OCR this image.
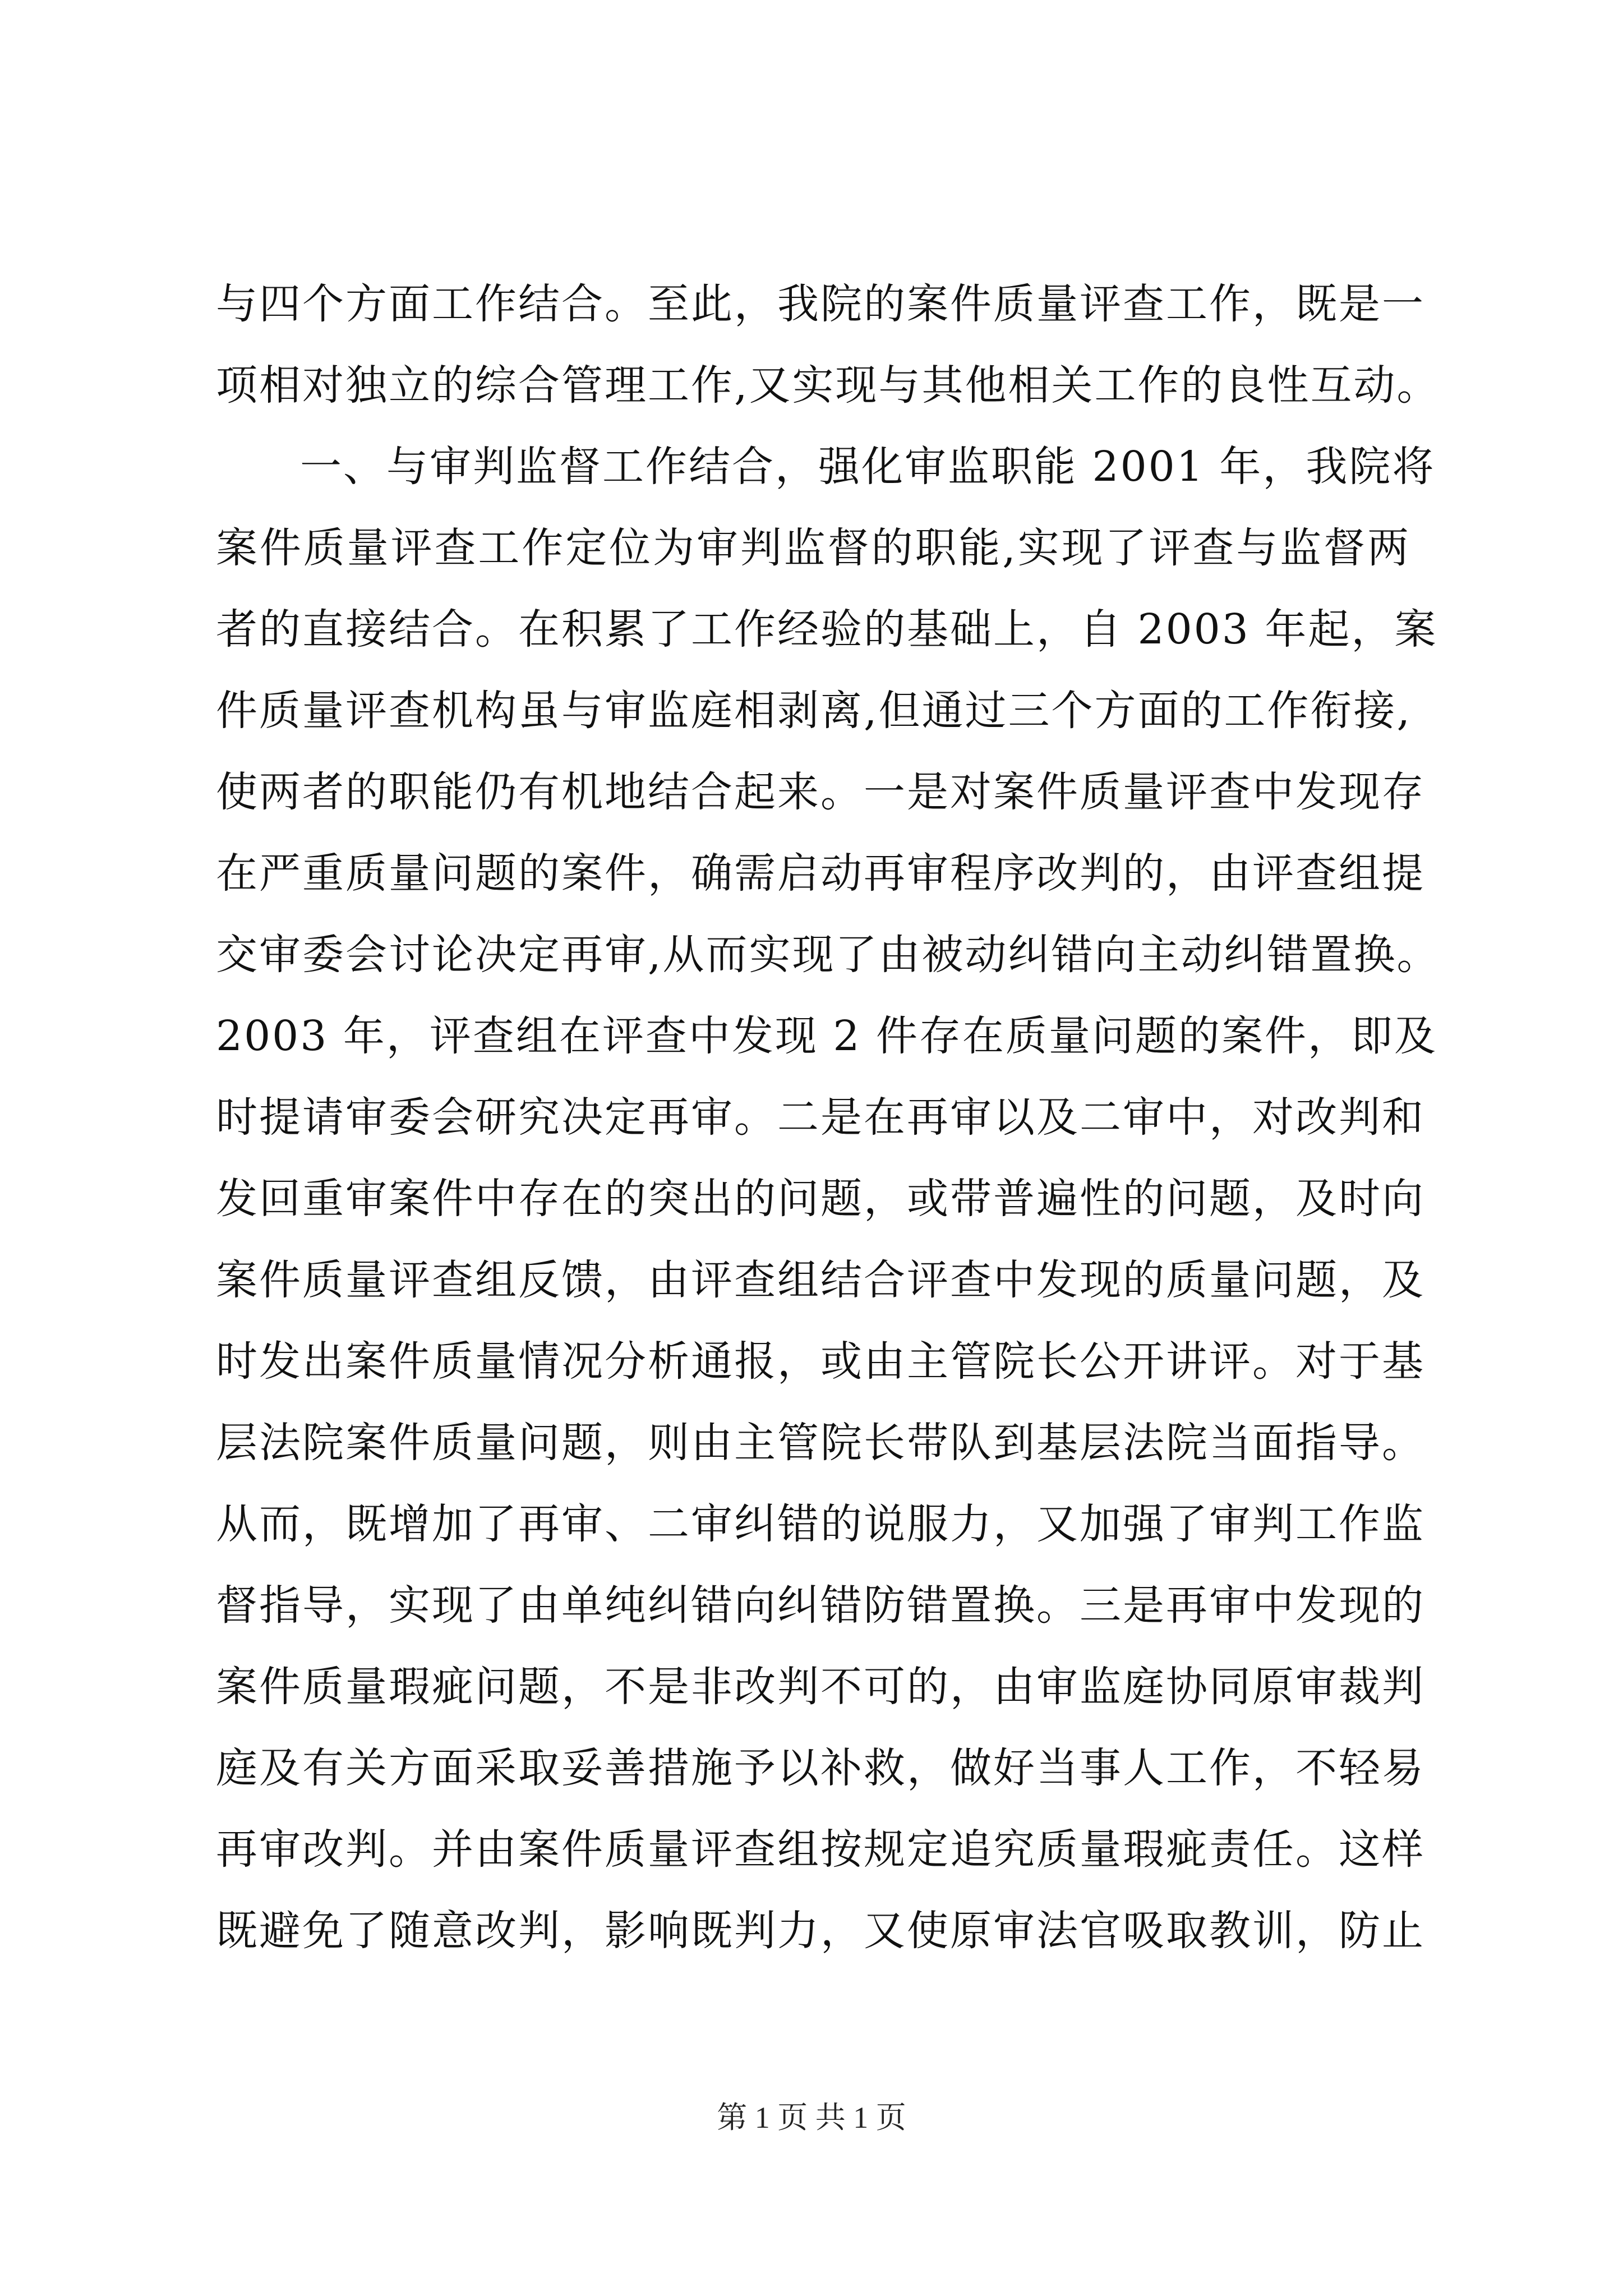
与四个方面工作结合。至此，我院的案件质量评查工作，既是一
项相对独立的综合管理工作,又实现与其他相关工作的良性互动。
一、与审判监督工作结合，强化审监职能 2001 年，我院将
案件质量评查工作定位为审判监督的职能,实现了评查与监督两
者的直接结合。在积累了工作经验的基础上，自 2003 年起，案
件质量评查机构虽与审监庭相剥离,但通过三个方面的工作衔接,
使两者的职能仍有机地结合起来。一是对案件质量评查中发现存
在严重质量问题的案件，确需启动再审程序改判的，由评查组提
交审委会讨论决定再审,从而实现了由被动纠错向主动纠错置换。
2003 年，评查组在评查中发现 2 件存在质量问题的案件，即及
时提请审委会研究决定再审。二是在再审以及二审中，对改判和
发回重审案件中存在的突出的问题，或带普遍性的问题，及时向
案件质量评查组反馈，由评查组结合评查中发现的质量问题，及
时发出案件质量情况分析通报，或由主管院长公开讲评。对于基
层法院案件质量问题，则由主管院长带队到基层法院当面指导。
从而，既增加了再审、二审纠错的说服力，又加强了审判工作监
督指导，实现了由单纯纠错向纠错防错置换。三是再审中发现的
案件质量瑕疵问题，不是非改判不可的，由审监庭协同原审裁判
庭及有关方面采取妥善措施予以补救，做好当事人工作，不轻易
再审改判。并由案件质量评查组按规定追究质量瑕疵责任。这样
既避免了随意改判，影响既判力，又使原审法官吸取教训，防止
第 1 页 共 1 页
